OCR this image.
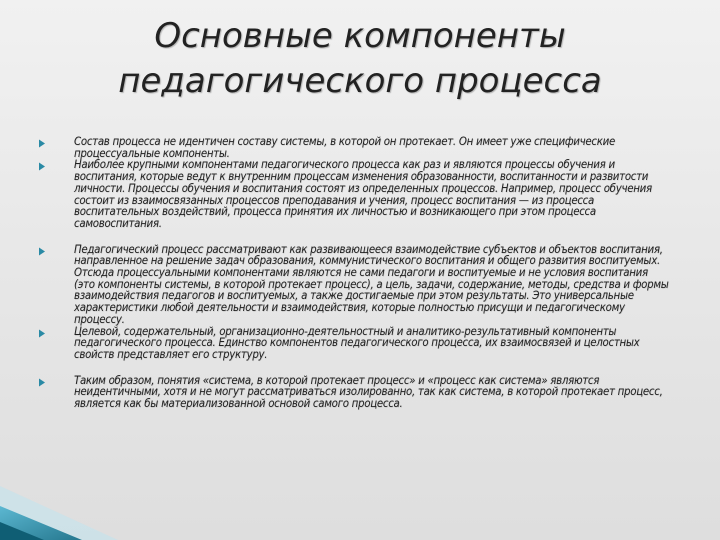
Основные компоненты
педагогического процесса
Состав процесса не идентичен составу системы, в которой он протекает. Он имеет уже специфические процессуальные компоненты.
Наиболее крупными компонентами педагогического процесса как раз и являются процессы обучения и воспитания, которые ведут к внутренним процессам изменения образованности, воспитанности и развитости личности. Процессы обучения и воспитания состоят из определенных процессов. Например, процесс обучения состоит из взаимосвязанных процессов преподавания и учения, процесс воспитания — из процесса воспитательных воздействий, процесса принятия их личностью и возникающего при этом процесса самовоспитания.
Педагогический процесс рассматривают как развивающееся взаимодействие субъектов и объектов воспитания, направленное на решение задач образования, коммунистического воспитания и общего развития воспитуемых. Отсюда процессуальными компонентами являются не сами педагоги и воспитуемые и не условия воспитания (это компоненты системы, в которой протекает процесс), а цель, задачи, содержание, методы, средства и формы взаимодействия педагогов и воспитуемых, а также достигаемые при этом результаты. Это универсальные характеристики любой деятельности и взаимодействия, которые полностью присущи и педагогическому процессу.
Целевой, содержательный, организационно-деятельностный и аналитико-результативный компоненты педагогического процесса. Единство компонентов педагогического процесса, их взаимосвязей и целостных свойств представляет его структуру.
Таким образом, понятия «система, в которой протекает процесс» и «процесс как система» являются неидентичными, хотя и не могут рассматриваться изолированно, так как система, в которой протекает процесс, является как бы материализованной основой самого процесса.
